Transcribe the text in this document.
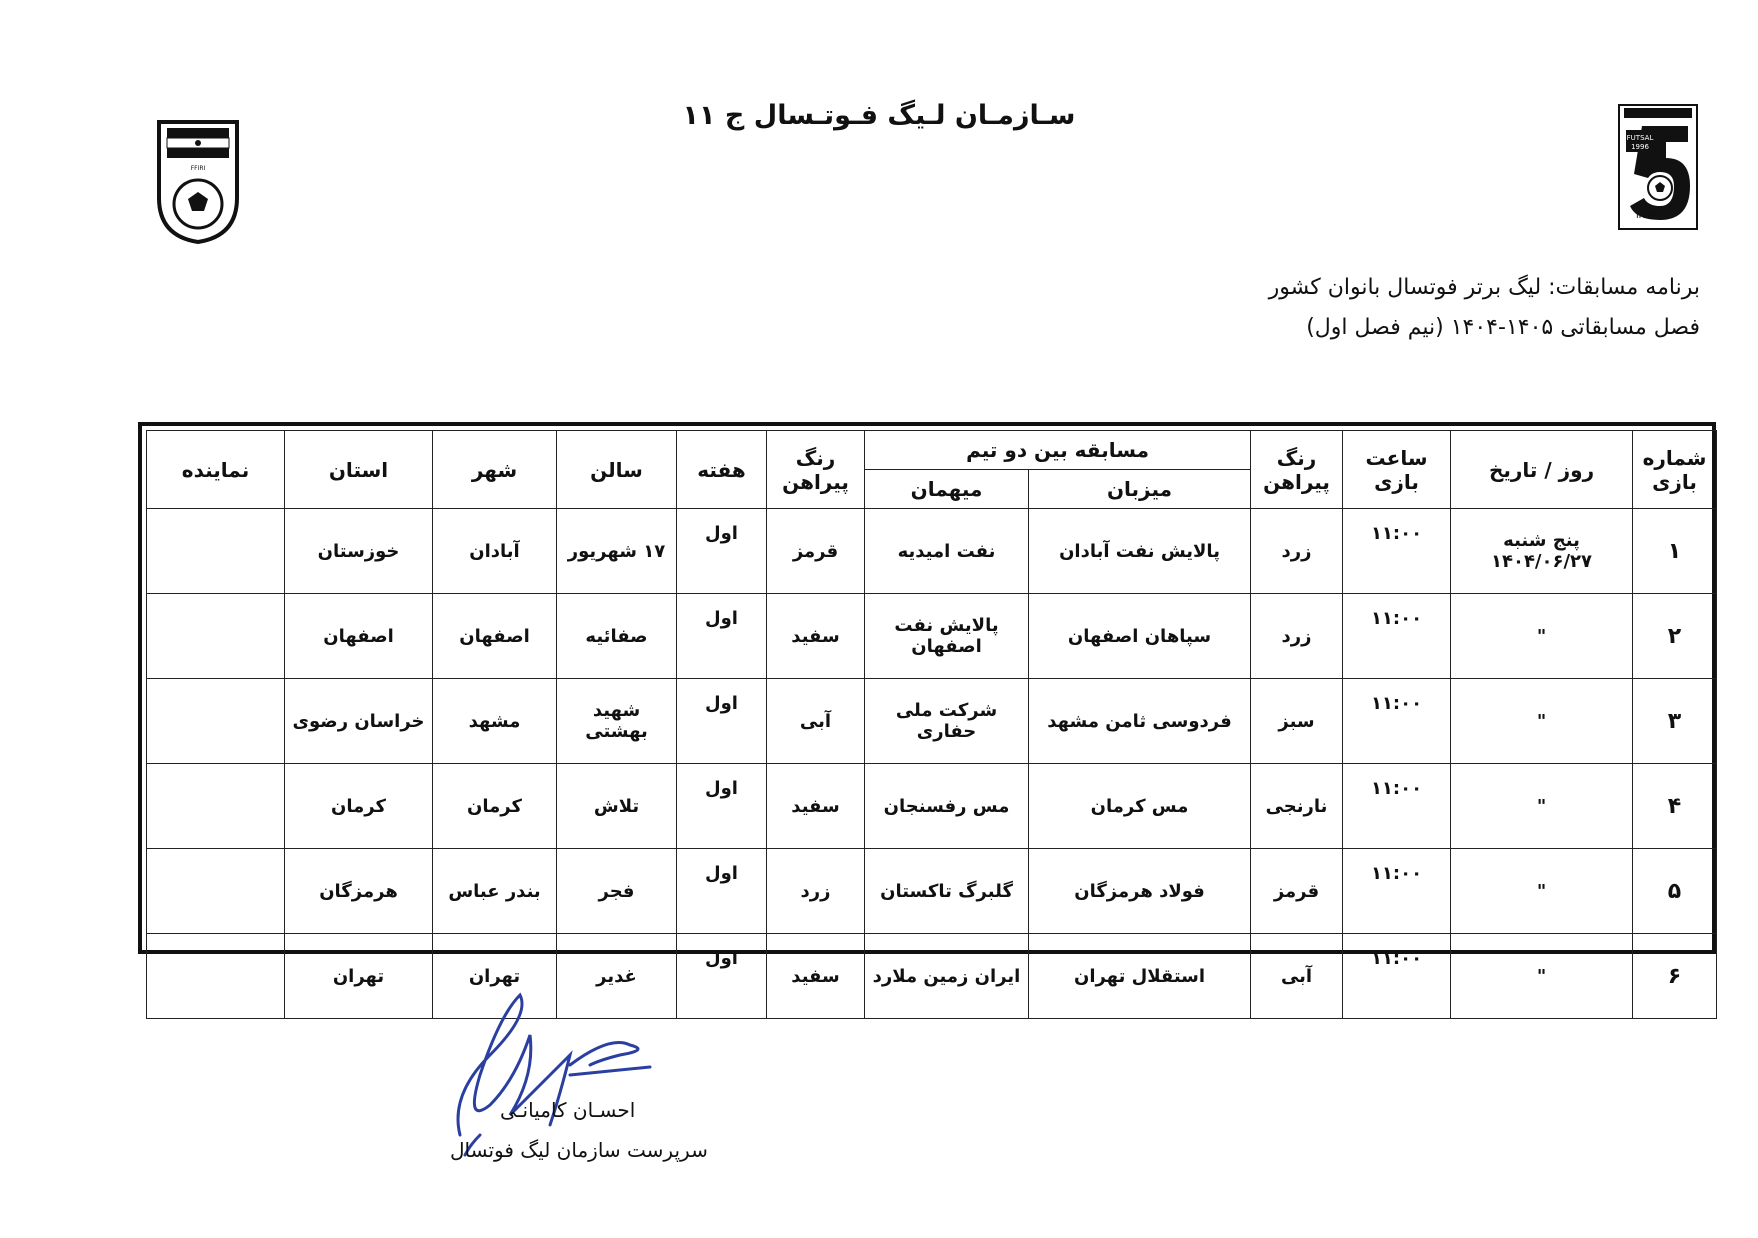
سـازمـان لـیگ فـوتـسال ج ۱۱
FFIRI
FUTSAL
1996
IRAN
برنامه مسابقات: لیگ برتر فوتسال بانوان کشور
فصل مسابقاتی ۱۴۰۵-۱۴۰۴ (نیم فصل اول)
شماره بازی	روز / تاریخ	ساعت بازی	رنگ پیراهن	مسابقه بین دو تیم		رنگ پیراهن	هفته	سالن	شهر	استان	نماینده
				میزبان	میهمان						
۱	پنج شنبه ۱۴۰۴/۰۶/۲۷	۱۱:۰۰	زرد	پالایش نفت آبادان	نفت امیدیه	قرمز	اول	۱۷ شهریور	آبادان	خوزستان	
۲	"	۱۱:۰۰	زرد	سپاهان اصفهان	پالایش نفت اصفهان	سفید	اول	صفائیه	اصفهان	اصفهان	
۳	"	۱۱:۰۰	سبز	فردوسی ثامن مشهد	شرکت ملی حفاری	آبی	اول	شهید بهشتی	مشهد	خراسان رضوی	
۴	"	۱۱:۰۰	نارنجی	مس کرمان	مس رفسنجان	سفید	اول	تلاش	کرمان	کرمان	
۵	"	۱۱:۰۰	قرمز	فولاد هرمزگان	گلبرگ تاکستان	زرد	اول	فجر	بندر عباس	هرمزگان	
۶	"	۱۱:۰۰	آبی	استقلال تهران	ایران زمین ملارد	سفید	اول	غدیر	تهران	تهران	
احسـان کامیانـی
سرپرست سازمان لیگ فوتسال
